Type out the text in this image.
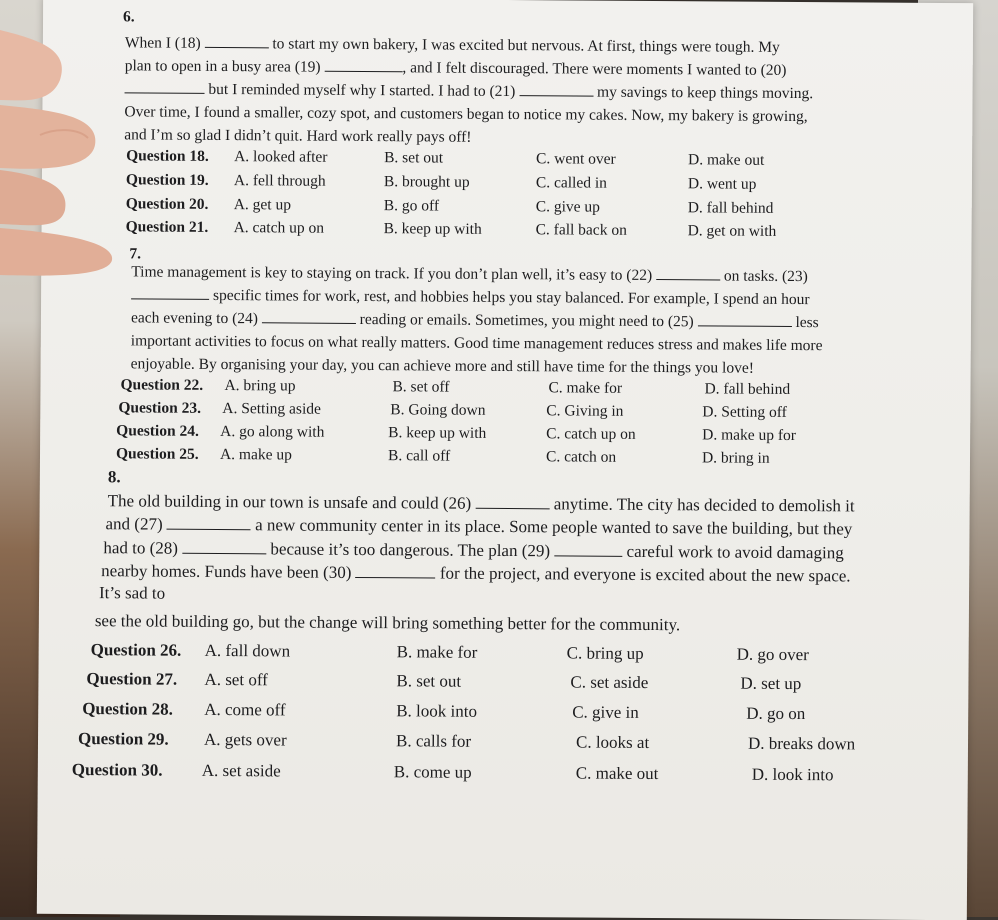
6.
When I (18)	to start my own bakery, I was excited but nervous. At first, things were tough. My
plan to open in a busy area (19)	, and I felt discouraged. There were moments I wanted to (20)
but I reminded myself why I started. I had to (21)	my savings to keep things moving.
Over time, I found a smaller, cozy spot, and customers began to notice my cakes. Now, my bakery is growing,
and I’m so glad I didn’t quit. Hard work really pays off!
Question 18. A. looked after	B. set out	C. went over	D. make out
Question 19. A. fell through	B. brought up	C. called in	D. went up
Question 20. A. get up	B. go off	C. give up	D. fall behind
Question 21. A. catch up on	B. keep up with	C. fall back on	D. get on with
7.
Time management is key to staying on track. If you don’t plan well, it’s easy to (22)	on tasks. (23)
specific times for work, rest, and hobbies helps you stay balanced. For example, I spend an hour
each evening to (24)	reading or emails. Sometimes, you might need to (25)	less
important activities to focus on what really matters. Good time management reduces stress and makes life more
enjoyable. By organising your day, you can achieve more and still have time for the things you love!
Question 22. A. bring up	B. set off	C. make for	D. fall behind
Question 23. A. Setting aside	B. Going down	C. Giving in	D. Setting off
Question 24. A. go along with	B. keep up with	C. catch up on	D. make up for
Question 25. A. make up	B. call off	C. catch on	D. bring in
8.
The old building in our town is unsafe and could (26)	anytime. The city has decided to demolish it
and (27)	a new community center in its place. Some people wanted to save the building, but they
had to (28)	because it’s too dangerous. The plan (29)	careful work to avoid damaging
nearby homes. Funds have been (30)	for the project, and everyone is excited about the new space.
It’s sad to
see the old building go, but the change will bring something better for the community.
Question 26. A. fall down	B. make for	C. bring up	D. go over
Question 27. A. set off	B. set out	C. set aside	D. set up
Question 28. A. come off	B. look into	C. give in	D. go on
Question 29. A. gets over	B. calls for	C. looks at	D. breaks down
Question 30. A. set aside	B. come up	C. make out	D. look into
